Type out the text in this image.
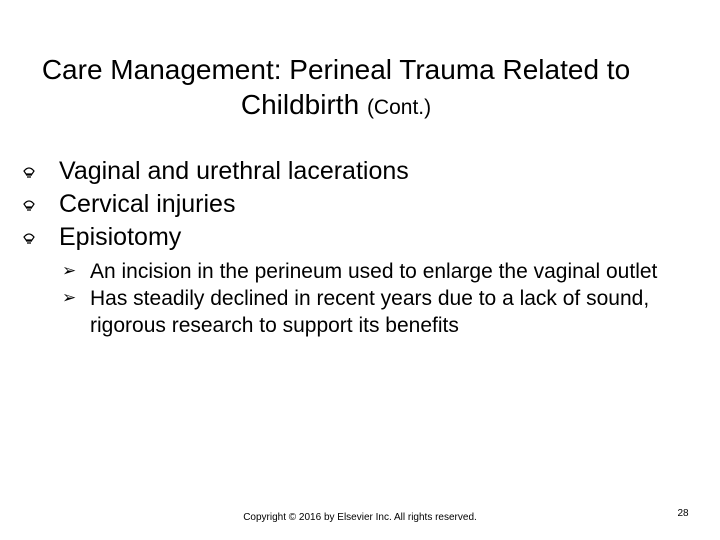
Care Management: Perineal Trauma Related to Childbirth (Cont.)
Vaginal and urethral lacerations
Cervical injuries
Episiotomy
➢ An incision in the perineum used to enlarge the vaginal outlet
➢ Has steadily declined in recent years due to a lack of sound, rigorous research to support its benefits
Copyright © 2016 by Elsevier Inc. All rights reserved.	28
